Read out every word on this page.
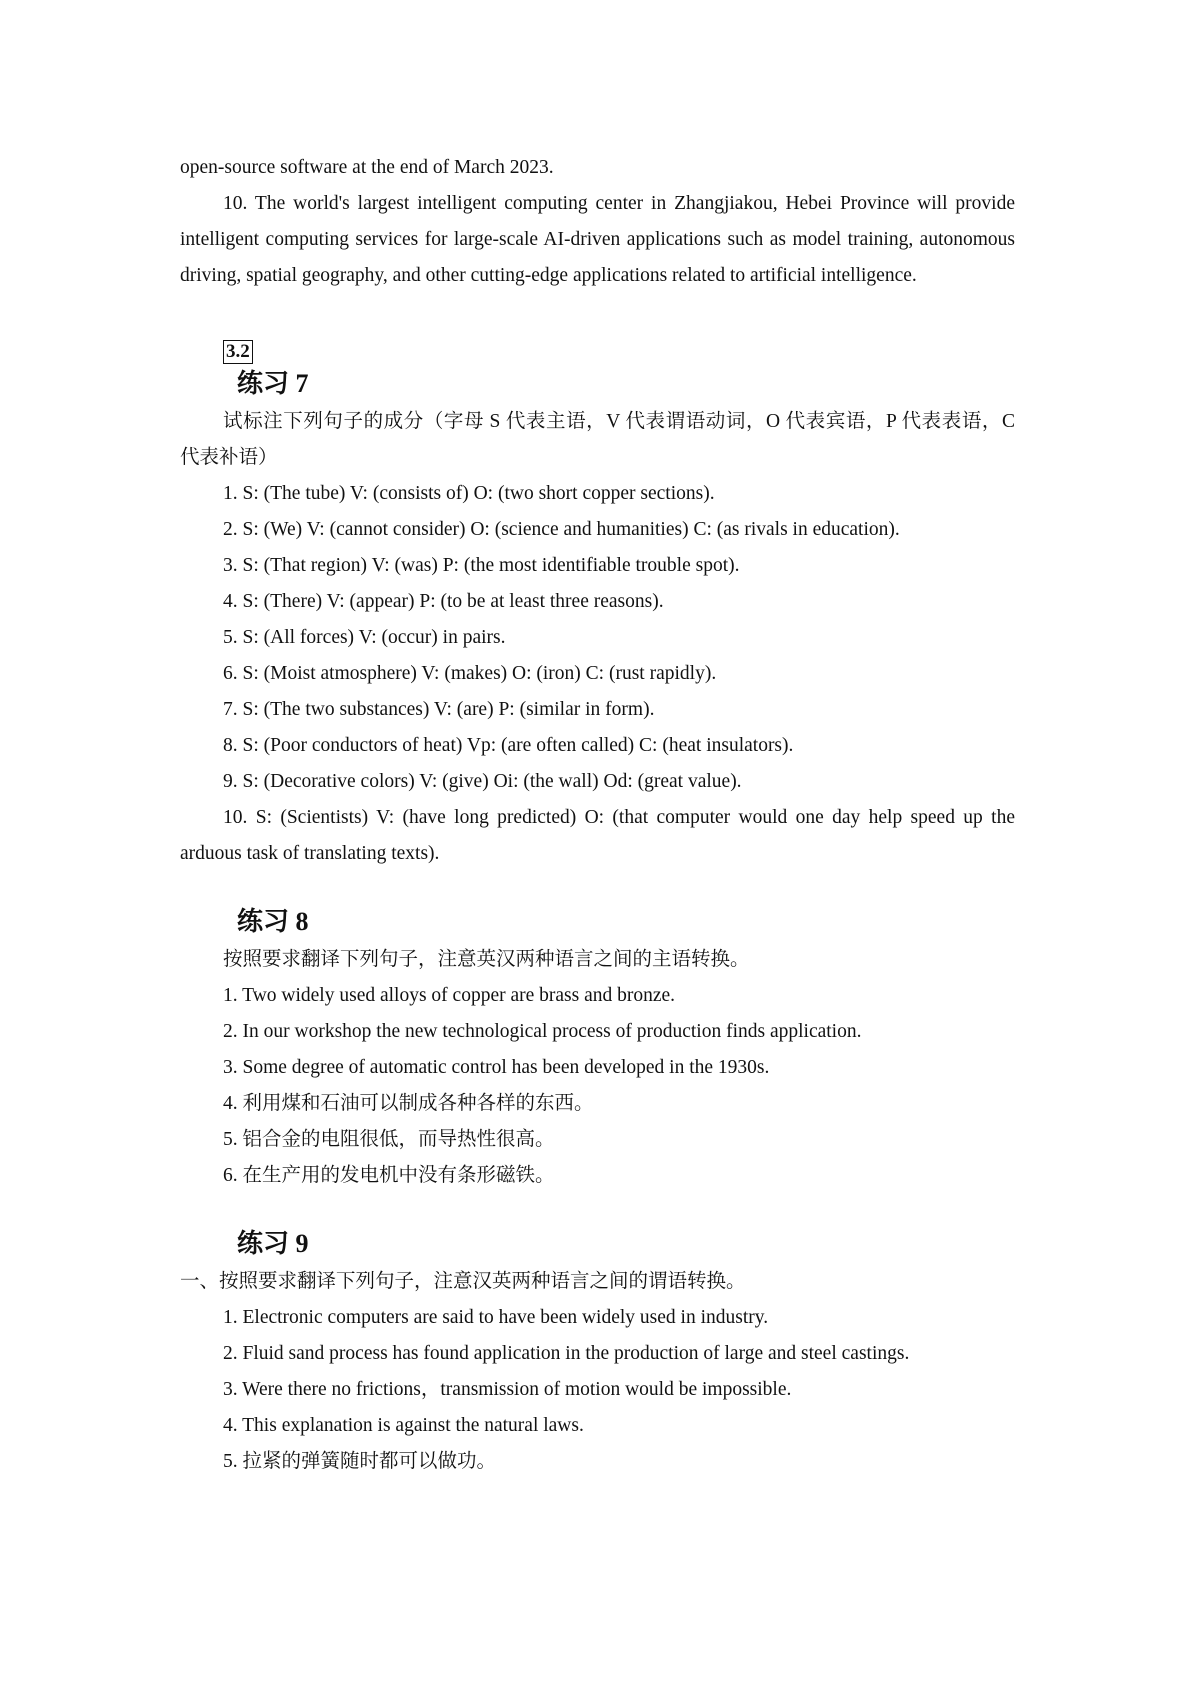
open-source software at the end of March 2023.
10. The world's largest intelligent computing center in Zhangjiakou, Hebei Province will provide intelligent computing services for large-scale AI-driven applications such as model training, autonomous driving, spatial geography, and other cutting-edge applications related to artificial intelligence.
3.2
练习 7
试标注下列句子的成分（字母 S 代表主语，V 代表谓语动词，O 代表宾语，P 代表表语，C 代表补语）
1. S: (The tube) V: (consists of) O: (two short copper sections).
2. S: (We) V: (cannot consider) O: (science and humanities) C: (as rivals in education).
3. S: (That region) V: (was) P: (the most identifiable trouble spot).
4. S: (There) V: (appear) P: (to be at least three reasons).
5. S: (All forces) V: (occur) in pairs.
6. S: (Moist atmosphere) V: (makes) O: (iron) C: (rust rapidly).
7. S: (The two substances) V: (are) P: (similar in form).
8. S: (Poor conductors of heat) Vp: (are often called) C: (heat insulators).
9. S: (Decorative colors) V: (give) Oi: (the wall) Od: (great value).
10. S: (Scientists) V: (have long predicted) O: (that computer would one day help speed up the arduous task of translating texts).
练习 8
按照要求翻译下列句子，注意英汉两种语言之间的主语转换。
1. Two widely used alloys of copper are brass and bronze.
2. In our workshop the new technological process of production finds application.
3. Some degree of automatic control has been developed in the 1930s.
4. 利用煤和石油可以制成各种各样的东西。
5. 铝合金的电阻很低，而导热性很高。
6. 在生产用的发电机中没有条形磁铁。
练习 9
一、按照要求翻译下列句子，注意汉英两种语言之间的谓语转换。
1. Electronic computers are said to have been widely used in industry.
2. Fluid sand process has found application in the production of large and steel castings.
3. Were there no frictions，transmission of motion would be impossible.
4. This explanation is against the natural laws.
5. 拉紧的弹簧随时都可以做功。
